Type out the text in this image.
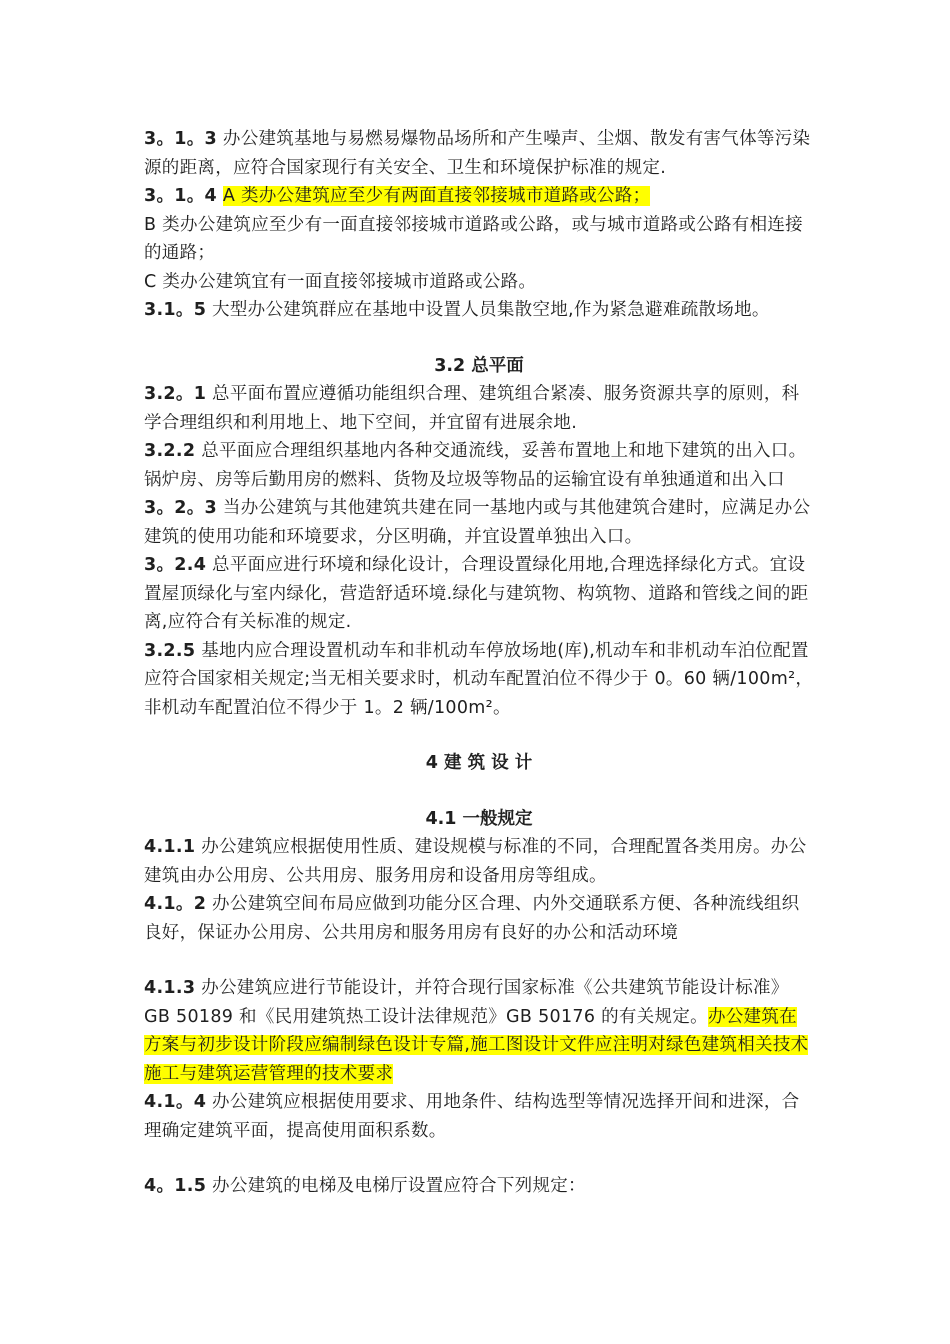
3。1。3 办公建筑基地与易燃易爆物品场所和产生噪声、尘烟、散发有害气体等污染源的距离，应符合国家现行有关安全、卫生和环境保护标准的规定.

3。1。4 A 类办公建筑应至少有两面直接邻接城市道路或公路；

B 类办公建筑应至少有一面直接邻接城市道路或公路，或与城市道路或公路有相连接的通路；

C 类办公建筑宜有一面直接邻接城市道路或公路。

3.1。5 大型办公建筑群应在基地中设置人员集散空地,作为紧急避难疏散场地。

3.2 总平面

3.2。1 总平面布置应遵循功能组织合理、建筑组合紧凑、服务资源共享的原则，科学合理组织和利用地上、地下空间，并宜留有进展余地.

3.2.2 总平面应合理组织基地内各种交通流线，妥善布置地上和地下建筑的出入口。锅炉房、房等后勤用房的燃料、货物及垃圾等物品的运输宜设有单独通道和出入口

3。2。3 当办公建筑与其他建筑共建在同一基地内或与其他建筑合建时，应满足办公建筑的使用功能和环境要求，分区明确，并宜设置单独出入口。

3。2.4 总平面应进行环境和绿化设计，合理设置绿化用地,合理选择绿化方式。宜设置屋顶绿化与室内绿化，营造舒适环境.绿化与建筑物、构筑物、道路和管线之间的距离,应符合有关标准的规定.

3.2.5 基地内应合理设置机动车和非机动车停放场地(库),机动车和非机动车泊位配置应符合国家相关规定;当无相关要求时，机动车配置泊位不得少于 0。60 辆/100m²，非机动车配置泊位不得少于 1。2 辆/100m²。

4 建 筑 设 计

4.1 一般规定

4.1.1 办公建筑应根据使用性质、建设规模与标准的不同，合理配置各类用房。办公建筑由办公用房、公共用房、服务用房和设备用房等组成。

4.1。2 办公建筑空间布局应做到功能分区合理、内外交通联系方便、各种流线组织良好，保证办公用房、公共用房和服务用房有良好的办公和活动环境

4.1.3 办公建筑应进行节能设计，并符合现行国家标准《公共建筑节能设计标准》GB 50189 和《民用建筑热工设计法律规范》GB 50176 的有关规定。办公建筑在方案与初步设计阶段应编制绿色设计专篇,施工图设计文件应注明对绿色建筑相关技术施工与建筑运营管理的技术要求

4.1。4 办公建筑应根据使用要求、用地条件、结构选型等情况选择开间和进深，合理确定建筑平面，提高使用面积系数。

4。1.5 办公建筑的电梯及电梯厅设置应符合下列规定：
